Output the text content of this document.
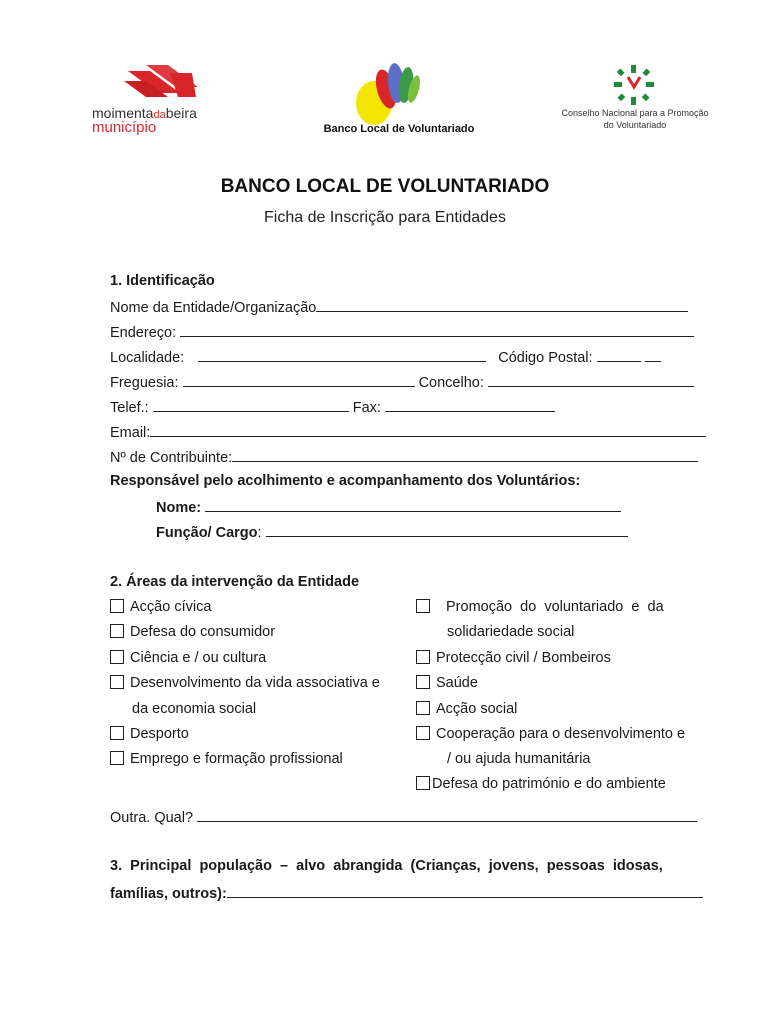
moimentadabeira
município	Banco Local de Voluntariado
Conselho Nacional para a Promoção
do Voluntariado
BANCO LOCAL DE VOLUNTARIADO
Ficha de Inscrição para Entidades
1. Identificação
Nome da Entidade/Organização
Endereço:
Localidade:	Código Postal:
Freguesia:	Concelho:
Telef.:	Fax:
Email:
Nº de Contribuinte:
Responsável pelo acolhimento e acompanhamento dos Voluntários:
Nome:
Função/ Cargo:
2. Áreas da intervenção da Entidade
Acção cívica
Defesa do consumidor
Ciência e / ou cultura
Desenvolvimento da vida associativa e
da economia social
Desporto
Emprego e formação profissional
Promoção  do  voluntariado  e  da
solidariedade social
Protecção civil / Bombeiros
Saúde
Acção social
Cooperação para o desenvolvimento e
/ ou ajuda humanitária
Defesa do património e do ambiente
Outra. Qual?
3.  Principal  população  –  alvo  abrangida  (Crianças,  jovens,  pessoas  idosas,
famílias, outros):
